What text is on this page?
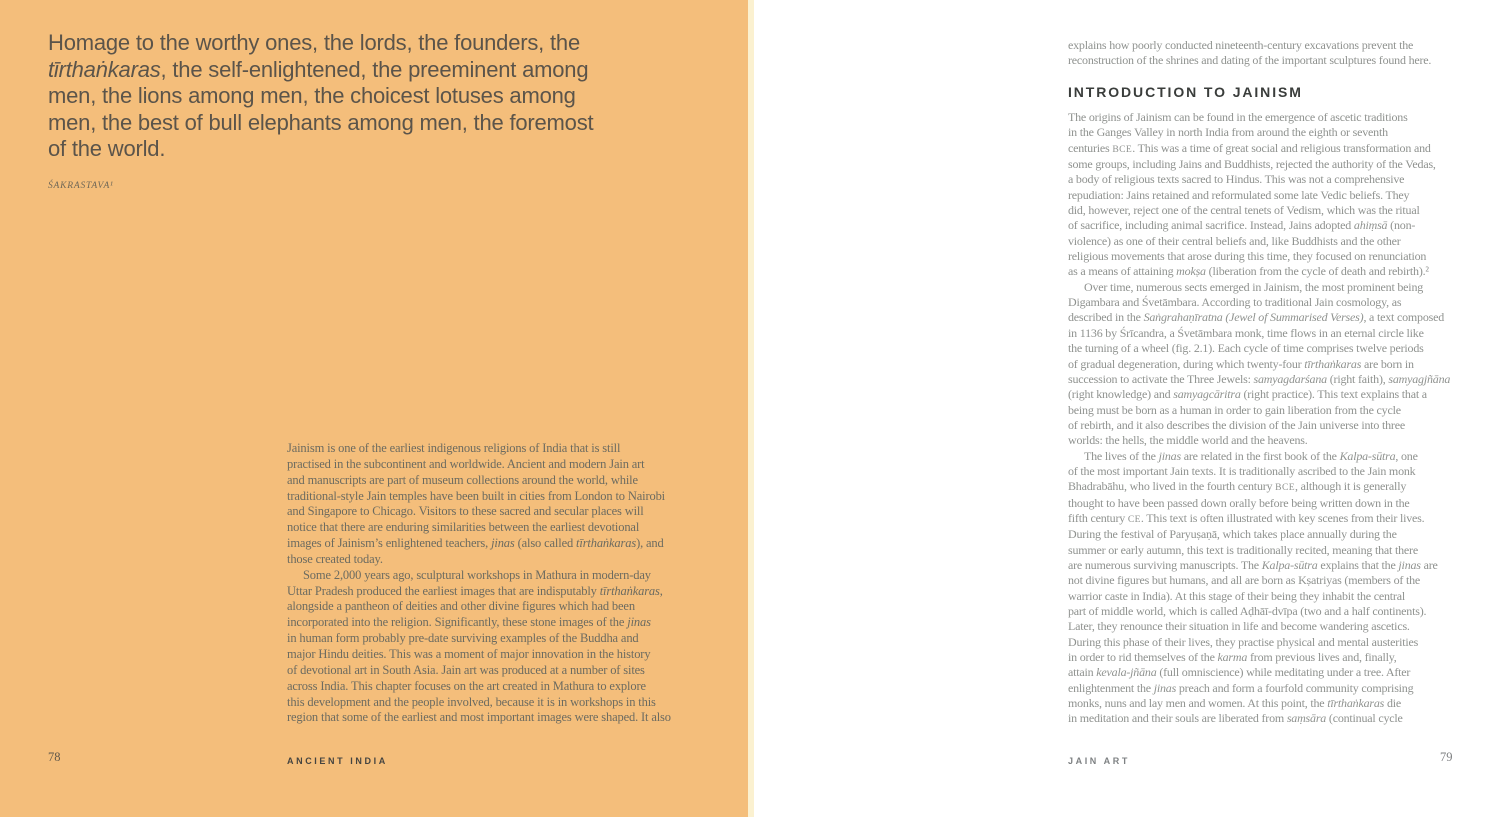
Homage to the worthy ones, the lords, the founders, the
tīrthaṅkaras, the self-enlightened, the preeminent among
men, the lions among men, the choicest lotuses among
men, the best of bull elephants among men, the foremost
of the world.
ŚAKRASTAVA¹
Jainism is one of the earliest indigenous religions of India that is still
practised in the subcontinent and worldwide. Ancient and modern Jain art
and manuscripts are part of museum collections around the world, while
traditional-style Jain temples have been built in cities from London to Nairobi
and Singapore to Chicago. Visitors to these sacred and secular places will
notice that there are enduring similarities between the earliest devotional
images of Jainism’s enlightened teachers, jinas (also called tīrthaṅkaras), and
those created today.
Some 2,000 years ago, sculptural workshops in Mathura in modern-day
Uttar Pradesh produced the earliest images that are indisputably tīrthaṅkaras,
alongside a pantheon of deities and other divine figures which had been
incorporated into the religion. Significantly, these stone images of the jinas
in human form probably pre-date surviving examples of the Buddha and
major Hindu deities. This was a moment of major innovation in the history
of devotional art in South Asia. Jain art was produced at a number of sites
across India. This chapter focuses on the art created in Mathura to explore
this development and the people involved, because it is in workshops in this
region that some of the earliest and most important images were shaped. It also
78	ANCIENT INDIA
explains how poorly conducted nineteenth-century excavations prevent the
reconstruction of the shrines and dating of the important sculptures found here.
INTRODUCTION TO JAINISM
The origins of Jainism can be found in the emergence of ascetic traditions
in the Ganges Valley in north India from around the eighth or seventh
centuries BCE. This was a time of great social and religious transformation and
some groups, including Jains and Buddhists, rejected the authority of the Vedas,
a body of religious texts sacred to Hindus. This was not a comprehensive
repudiation: Jains retained and reformulated some late Vedic beliefs. They
did, however, reject one of the central tenets of Vedism, which was the ritual
of sacrifice, including animal sacrifice. Instead, Jains adopted ahiṃsā (non-
violence) as one of their central beliefs and, like Buddhists and the other
religious movements that arose during this time, they focused on renunciation
as a means of attaining mokṣa (liberation from the cycle of death and rebirth).²
Over time, numerous sects emerged in Jainism, the most prominent being
Digambara and Śvetāmbara. According to traditional Jain cosmology, as
described in the Saṅgrahaṇīratna (Jewel of Summarised Verses), a text composed
in 1136 by Śrīcandra, a Śvetāmbara monk, time flows in an eternal circle like
the turning of a wheel (fig. 2.1). Each cycle of time comprises twelve periods
of gradual degeneration, during which twenty-four tīrthaṅkaras are born in
succession to activate the Three Jewels: samyagdarśana (right faith), samyagjñāna
(right knowledge) and samyagcāritra (right practice). This text explains that a
being must be born as a human in order to gain liberation from the cycle
of rebirth, and it also describes the division of the Jain universe into three
worlds: the hells, the middle world and the heavens.
The lives of the jinas are related in the first book of the Kalpa-sūtra, one
of the most important Jain texts. It is traditionally ascribed to the Jain monk
Bhadrabāhu, who lived in the fourth century BCE, although it is generally
thought to have been passed down orally before being written down in the
fifth century CE. This text is often illustrated with key scenes from their lives.
During the festival of Paryuṣaṇā, which takes place annually during the
summer or early autumn, this text is traditionally recited, meaning that there
are numerous surviving manuscripts. The Kalpa-sūtra explains that the jinas are
not divine figures but humans, and all are born as Kṣatriyas (members of the
warrior caste in India). At this stage of their being they inhabit the central
part of middle world, which is called Aḍhāī-dvīpa (two and a half continents).
Later, they renounce their situation in life and become wandering ascetics.
During this phase of their lives, they practise physical and mental austerities
in order to rid themselves of the karma from previous lives and, finally,
attain kevala-jñāna (full omniscience) while meditating under a tree. After
enlightenment the jinas preach and form a fourfold community comprising
monks, nuns and lay men and women. At this point, the tīrthaṅkaras die
in meditation and their souls are liberated from saṃsāra (continual cycle
JAIN ART	79
